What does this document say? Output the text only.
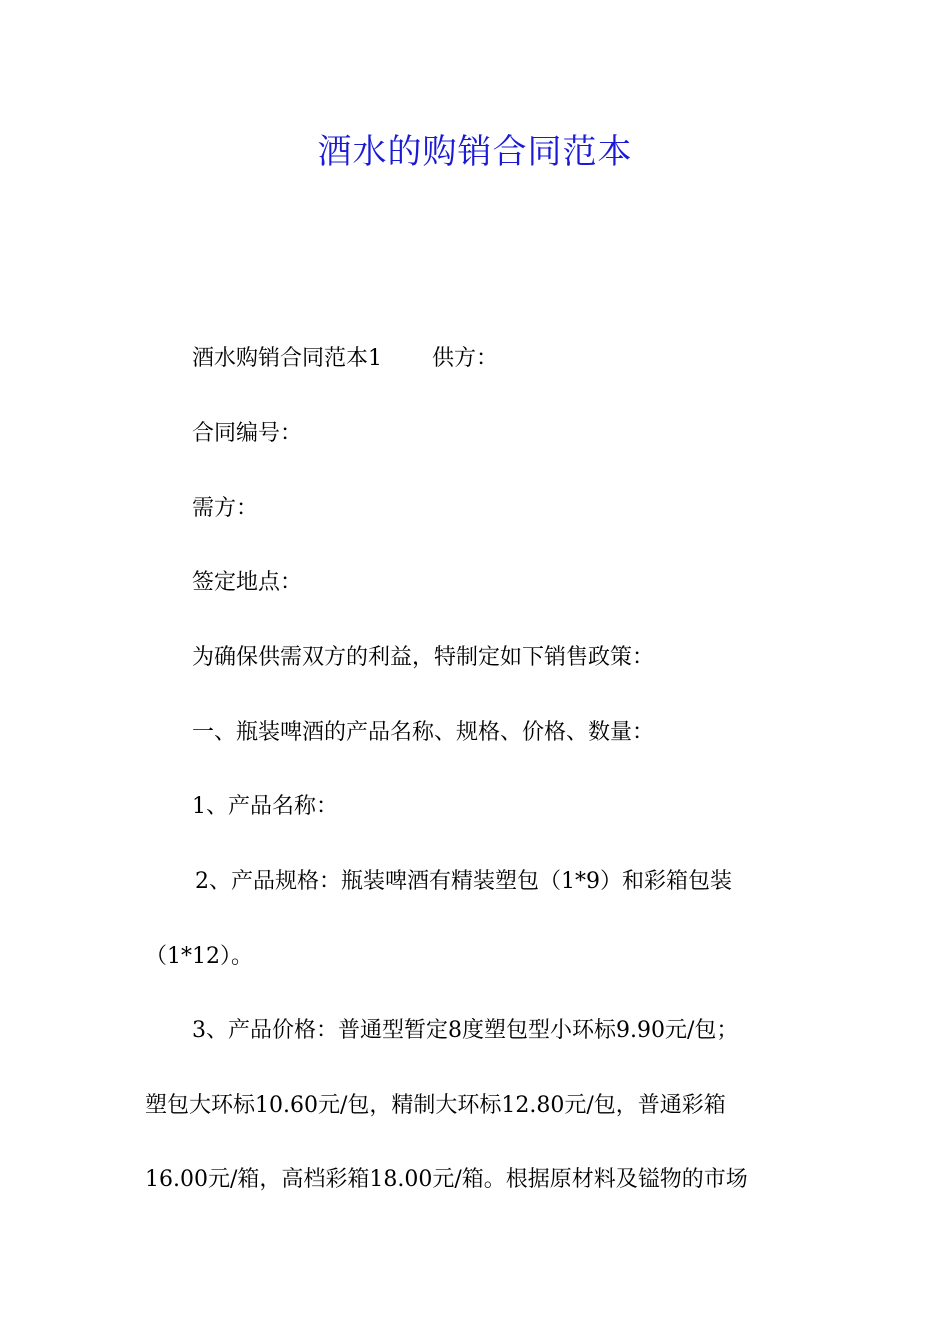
酒水的购销合同范本
酒水购销合同范本1 供方：

合同编号：

需方：

签定地点：

为确保供需双方的利益，特制定如下销售政策：

一、瓶装啤酒的产品名称、规格、价格、数量：

1、产品名称：

2、产品规格：瓶装啤酒有精装塑包（1*9）和彩箱包装

（1*12）。

3、产品价格：普通型暂定8度塑包型小环标9.90元/包；

塑包大环标10.60元/包，精制大环标12.80元/包，普通彩箱

16.00元/箱，高档彩箱18.00元/箱。根据原材料及镒物的市场
